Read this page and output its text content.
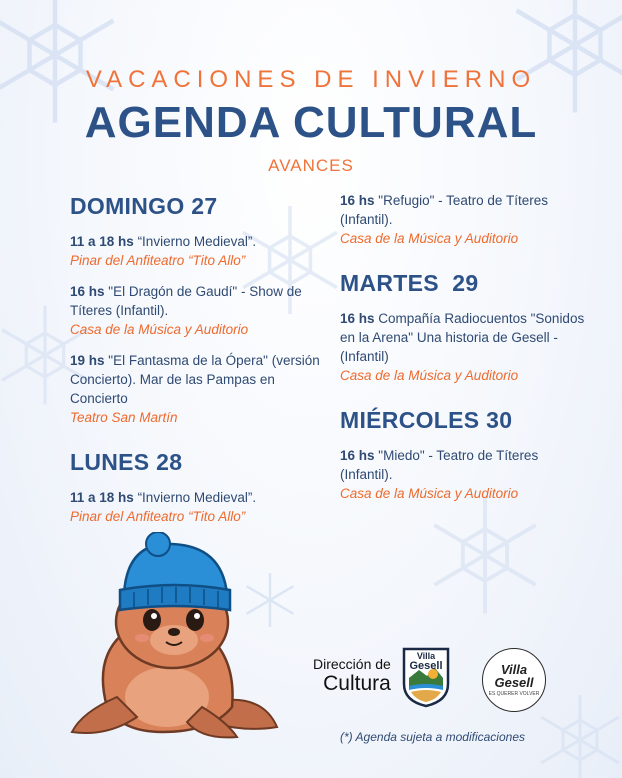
VACACIONES DE INVIERNO
AGENDA CULTURAL
AVANCES
DOMINGO 27
11 a 18 hs “Invierno Medieval”.
Pinar del Anfiteatro “Tito Allo”
16 hs "El Dragón de Gaudí" - Show de Títeres (Infantil).
Casa de la Música y Auditorio
19 hs "El Fantasma de la Ópera" (versión Concierto). Mar de las Pampas en Concierto
Teatro San Martín
LUNES 28
11 a 18 hs “Invierno Medieval”.
Pinar del Anfiteatro “Tito Allo”
16 hs "Refugio" - Teatro de Títeres (Infantil).
Casa de la Música y Auditorio
MARTES  29
16 hs Compañía Radiocuentos "Sonidos en la Arena" Una historia de Gesell - (Infantil)
Casa de la Música y Auditorio
MIÉRCOLES 30
16 hs "Miedo" - Teatro de Títeres (Infantil).
Casa de la Música y Auditorio
Dirección de
Cultura
Villa
Gesell	Villa
Gesell
ES QUERER VOLVER
(*) Agenda sujeta a modificaciones
